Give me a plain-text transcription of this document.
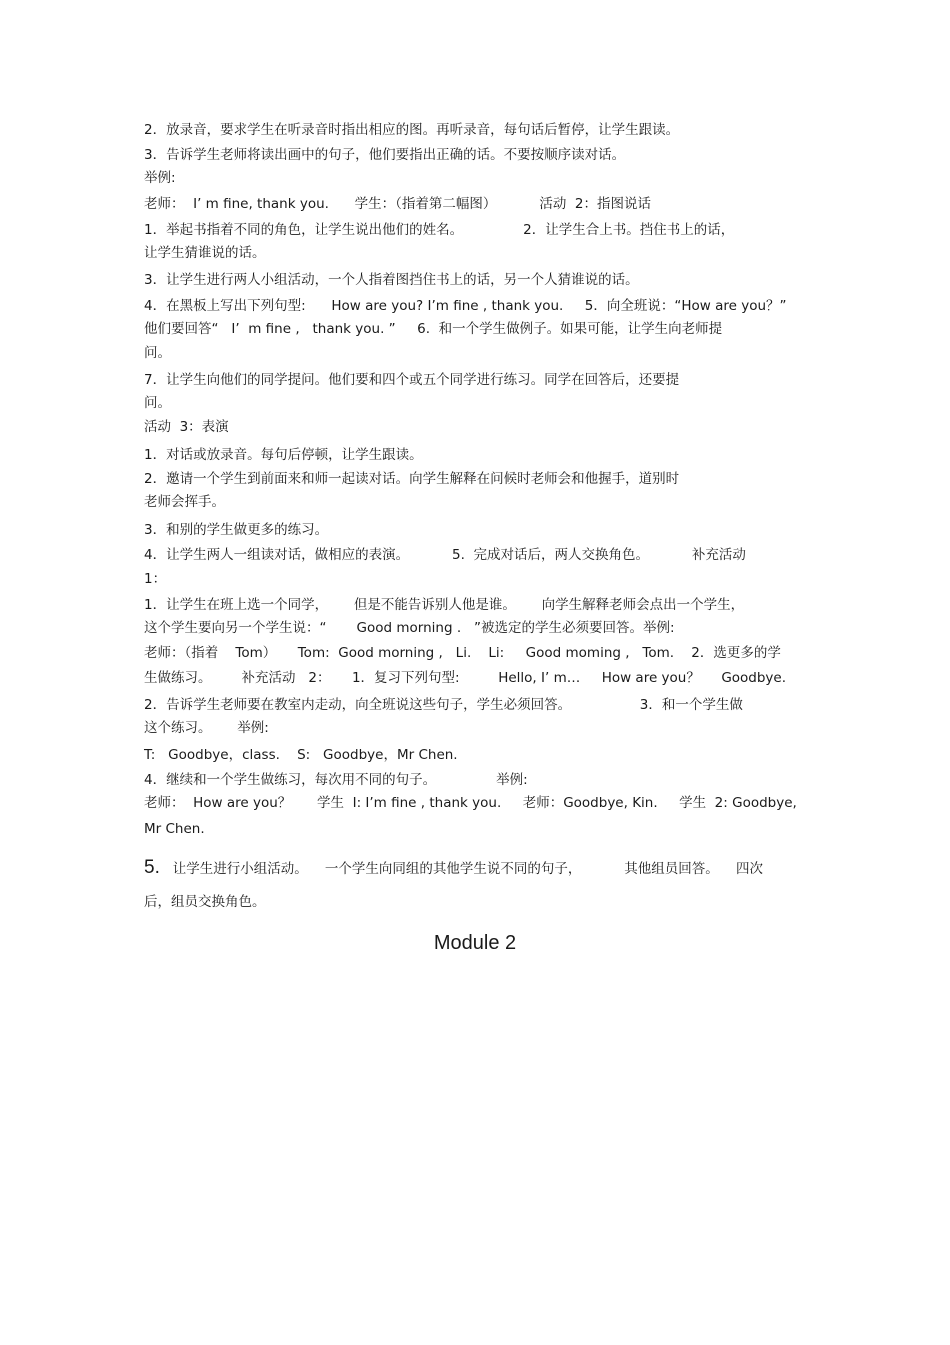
2．放录音，要求学生在听录音时指出相应的图。再听录音，每句话后暂停，让学生跟读。
3．告诉学生老师将读出画中的句子，他们要指出正确的话。不要按顺序读对话。
举例:
老师：  I’ m fine, thank you.      学生：（指着第二幅图）          活动  2：指图说话
1．举起书指着不同的角色，让学生说出他们的姓名。              2．让学生合上书。挡住书上的话，
让学生猜谁说的话。
3．让学生进行两人小组活动，一个人指着图挡住书上的话，另一个人猜谁说的话。
4．在黑板上写出下列句型:      How are you? I’m fine , thank you.     5．向全班说：“How are you？”
他们要回答“   I’  m fine ,   thank you. ”     6.  和一个学生做例子。如果可能，让学生向老师提
问。
7．让学生向他们的同学提问。他们要和四个或五个同学进行练习。同学在回答后，还要提
问。
活动  3：表演
1．对话或放录音。每句后停顿，让学生跟读。
2．邀请一个学生到前面来和师一起读对话。向学生解释在问候时老师会和他握手，道别时
老师会挥手。
3．和别的学生做更多的练习。
4．让学生两人一组读对话，做相应的表演。          5.  完成对话后，两人交换角色。          补充活动
1：
1．让学生在班上选一个同学，      但是不能告诉别人他是谁。      向学生解释老师会点出一个学生，
这个学生要向另一个学生说：“       Good morning .   ”被选定的学生必须要回答。举例:
老师：（指着    Tom）     Tom:  Good morning ,   Li.    Li:     Good moming ,   Tom.    2．选更多的学
生做练习。       补充活动   2：     1．复习下列句型:         Hello, I’ m…     How are you？     Goodbye.
2．告诉学生老师要在教室内走动，向全班说这些句子，学生必须回答。                3．和一个学生做
这个练习。      举例:
T:   Goodbye，class.    S:   Goodbye，Mr Chen.
4．继续和一个学生做练习，每次用不同的句子。              举例:
老师：  How are you？      学生  I: I’m fine , thank you.     老师：Goodbye, Kin.     学生  2: Goodbye,
Mr Chen.
5.   让学生进行小组活动。    一个学生向同组的其他学生说不同的句子，          其他组员回答。    四次
后，组员交换角色。
Module 2
